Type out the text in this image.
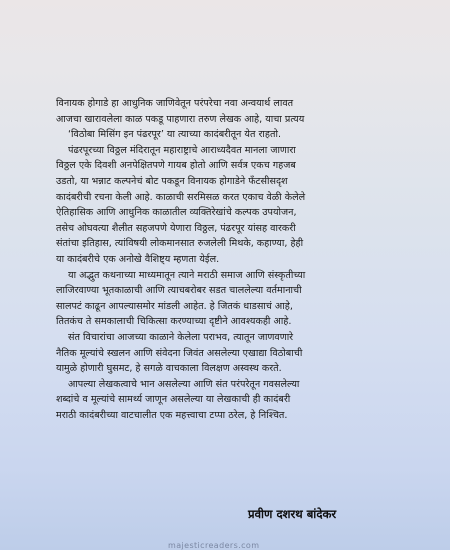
विनायक होगाडे हा आधुनिक जाणिवेतून परंपरेचा नवा अन्वयार्थ लावत
आजचा खारावलेला काळ पकडू पाहणारा तरुण लेखक आहे, याचा प्रत्यय
‘विठोबा मिसिंग इन पंढरपूर’ या त्याच्या कादंबरीतून येत राहतो.

पंढरपूरच्या विठ्ठल मंदिरातून महाराष्ट्राचे आराध्यदैवत मानला जाणारा
विठ्ठल एके दिवशी अनपेक्षितपणे गायब होतो आणि सर्वत्र एकच गहजब
उडतो, या भन्नाट कल्पनेचं बोट पकडून विनायक होगाडेने फँटसीसदृश
कादंबरीची रचना केली आहे. काळाची सरमिसळ करत एकाच वेळी केलेले
ऐतिहासिक आणि आधुनिक काळातील व्यक्तिरेखांचे कल्पक उपयोजन,
तसेच ओघवत्या शैलीत सहजपणे येणारा विठ्ठल, पंढरपूर यांसह वारकरी
संतांचा इतिहास, त्यांविषयी लोकमानसात रुजलेली मिथके, कहाण्या, हेही
या कादंबरीचे एक अनोखे वैशिष्ट्य म्हणता येईल.

या अद्भुत कथनाच्या माध्यमातून त्याने मराठी समाज आणि संस्कृतीच्या
लाजिरवाण्या भूतकाळाची आणि त्याचबरोबर सडत चाललेल्या वर्तमानाची
सालपटं काढून आपल्यासमोर मांडली आहेत. हे जितकं धाडसाचं आहे,
तितकंच ते समकालाची चिकित्सा करण्याच्या दृष्टीने आवश्यकही आहे.

संत विचारांचा आजच्या काळाने केलेला पराभव, त्यातून जाणवणारे
नैतिक मूल्यांचे स्खलन आणि संवेदना जिवंत असलेल्या एखाद्या विठोबाची
यामुळे होणारी घुसमट, हे सगळे वाचकाला विलक्षण अस्वस्थ करते.

आपल्या लेखकत्वाचे भान असलेल्या आणि संत परंपरेतून गवसलेल्या
शब्दांचे व मूल्यांचे सामर्थ्य जाणून असलेल्या या लेखकाची ही कादंबरी
मराठी कादंबरीच्या वाटचालीत एक महत्त्वाचा टप्पा ठरेल, हे निश्चित.

प्रवीण दशरथ बांदेकर
majesticreaders.com
